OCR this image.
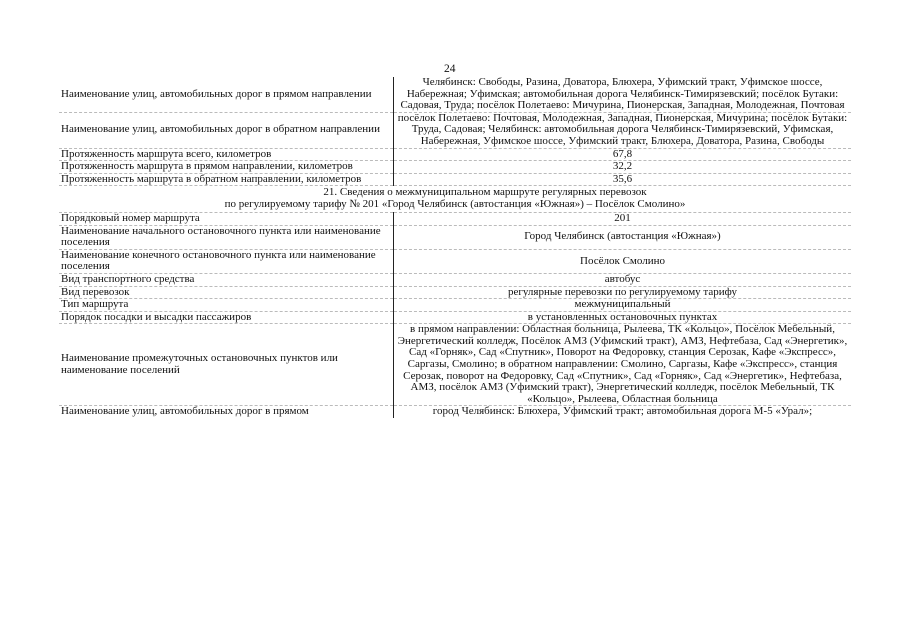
24
Наименование улиц, автомобильных дорог в прямом направлении	Челябинск: Свободы, Разина, Доватора, Блюхера, Уфимский тракт, Уфимское шоссе, Набережная; Уфимская; автомобильная дорога Челябинск-Тимирязевский; посёлок Бутаки: Садовая, Труда; посёлок Полетаево: Мичурина, Пионерская, Западная, Молодежная, Почтовая
Наименование улиц, автомобильных дорог в обратном направлении	посёлок Полетаево: Почтовая, Молодежная, Западная, Пионерская, Мичурина; посёлок Бутаки: Труда, Садовая; Челябинск: автомобильная дорога Челябинск-Тимирязевский, Уфимская, Набережная, Уфимское шоссе, Уфимский тракт, Блюхера, Доватора, Разина, Свободы
Протяженность маршрута всего, километров	67,8
Протяженность маршрута в прямом направлении, километров	32,2
Протяженность маршрута в обратном направлении, километров	35,6

21. Сведения о межмуниципальном маршруте регулярных перевозок
по регулируемому тарифу № 201 «Город Челябинск (автостанция «Южная») – Посёлок Смолино»	

Порядковый номер маршрута	201
Наименование начального остановочного пункта или наименование поселения	Город Челябинск (автостанция «Южная»)
Наименование конечного остановочного пункта или наименование поселения	Посёлок Смолино
Вид транспортного средства	автобус
Вид перевозок	регулярные перевозки по регулируемому тарифу
Тип маршрута	межмуниципальный
Порядок посадки и высадки пассажиров	в установленных остановочных пунктах
Наименование промежуточных остановочных пунктов или наименование поселений	в прямом направлении: Областная больница, Рылеева, ТК «Кольцо», Посёлок Мебельный, Энергетический колледж, Посёлок АМЗ (Уфимский тракт), АМЗ, Нефтебаза, Сад «Энергетик», Сад «Горняк», Сад «Спутник», Поворот на Федоровку, станция Серозак, Кафе «Экспресс», Саргазы, Смолино; в обратном направлении: Смолино, Саргазы, Кафе «Экспресс», станция Серозак, поворот на Федоровку, Сад «Спутник», Сад «Горняк», Сад «Энергетик», Нефтебаза, АМЗ, посёлок АМЗ (Уфимский тракт), Энергетический колледж, посёлок Мебельный, ТК «Кольцо», Рылеева, Областная больница
Наименование улиц, автомобильных дорог в прямом	город Челябинск: Блюхера, Уфимский тракт; автомобильная дорога М-5 «Урал»;
